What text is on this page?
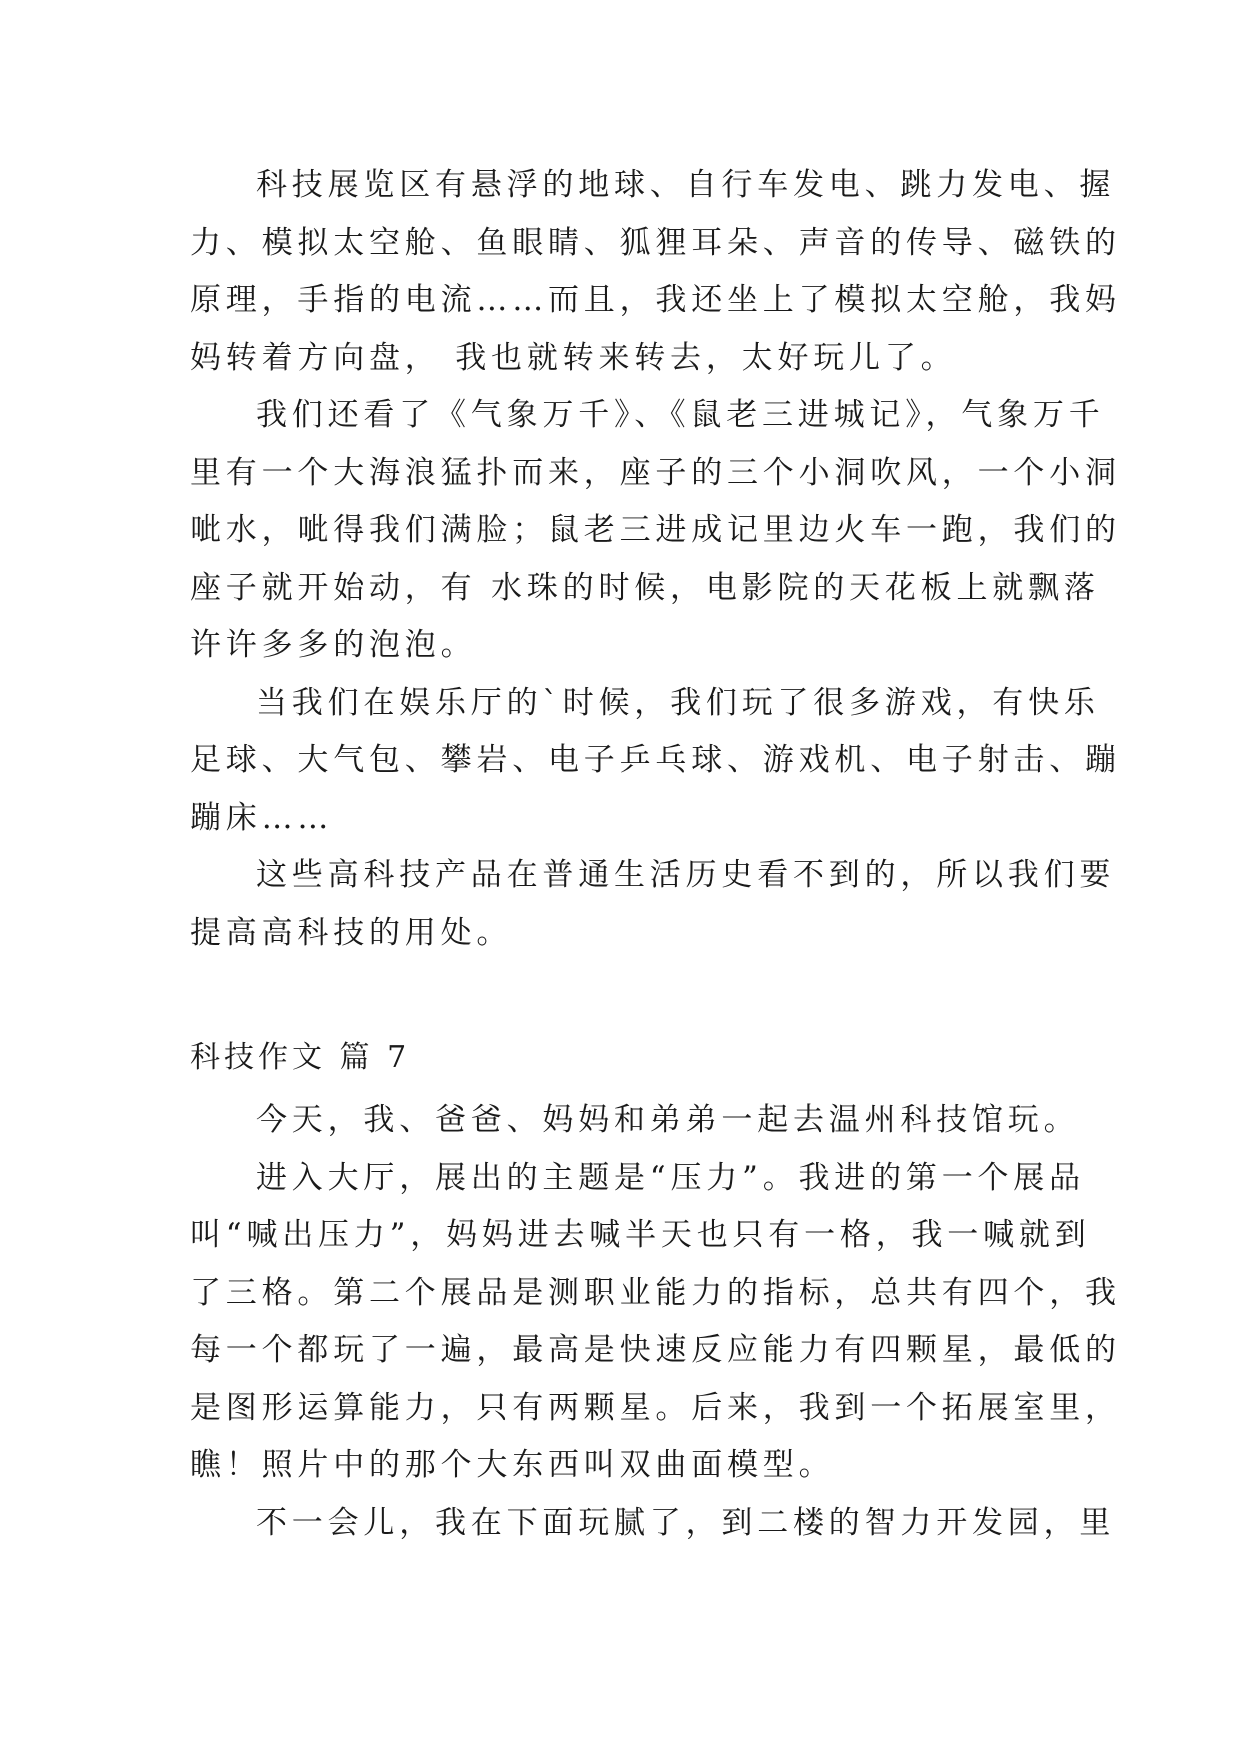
科技展览区有悬浮的地球、自行车发电、跳力发电、握
力、模拟太空舱、鱼眼睛、狐狸耳朵、声音的传导、磁铁的
原理，手指的电流……而且，我还坐上了模拟太空舱，我妈
妈转着方向盘， 我也就转来转去，太好玩儿了。
我们还看了《气象万千》、《鼠老三进城记》，气象万千
里有一个大海浪猛扑而来，座子的三个小洞吹风，一个小洞
呲水，呲得我们满脸；鼠老三进成记里边火车一跑，我们的
座子就开始动，有 水珠的时候，电影院的天花板上就飘落
许许多多的泡泡。
当我们在娱乐厅的`时候，我们玩了很多游戏，有快乐
足球、大气包、攀岩、电子乒乓球、游戏机、电子射击、蹦
蹦床……
这些高科技产品在普通生活历史看不到的，所以我们要
提高高科技的用处。
科技作文 篇 7
今天，我、爸爸、妈妈和弟弟一起去温州科技馆玩。
进入大厅，展出的主题是“压力”。我进的第一个展品
叫“喊出压力”，妈妈进去喊半天也只有一格，我一喊就到
了三格。第二个展品是测职业能力的指标，总共有四个，我
每一个都玩了一遍，最高是快速反应能力有四颗星，最低的
是图形运算能力，只有两颗星。后来，我到一个拓展室里，
瞧！照片中的那个大东西叫双曲面模型。
不一会儿，我在下面玩腻了，到二楼的智力开发园，里
